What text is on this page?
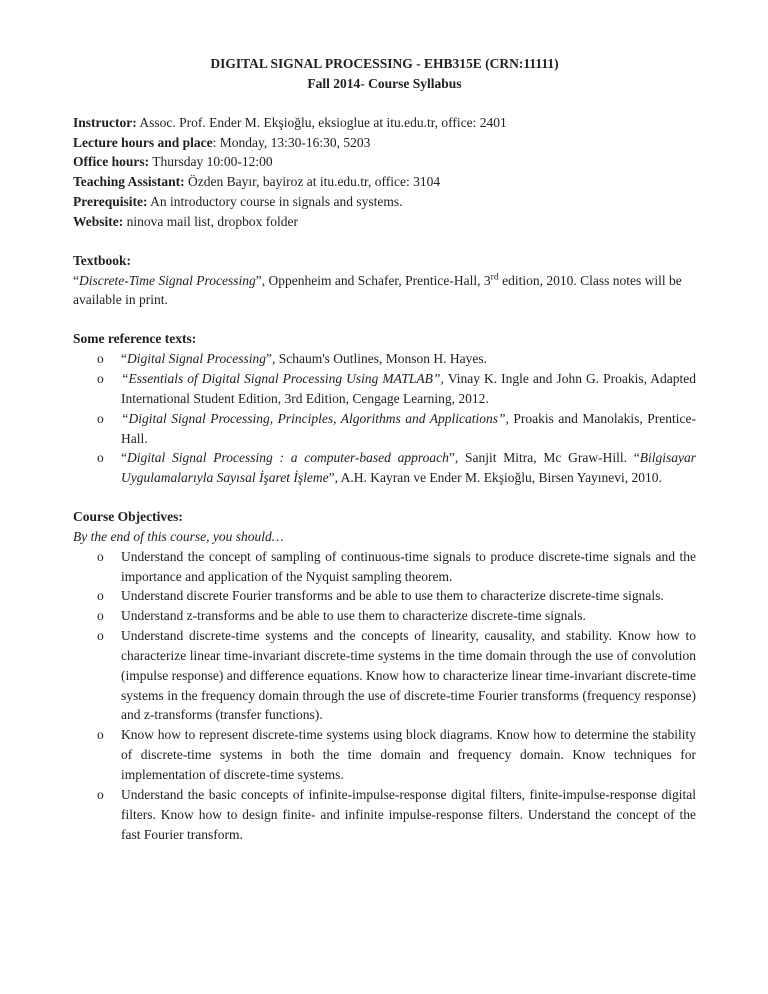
DIGITAL SIGNAL PROCESSING - EHB315E (CRN:11111)
Fall 2014- Course Syllabus
Instructor: Assoc. Prof. Ender M. Ekşioğlu, eksioglue at itu.edu.tr, office: 2401
Lecture hours and place: Monday, 13:30-16:30, 5203
Office hours: Thursday 10:00-12:00
Teaching Assistant: Özden Bayır, bayiroz at itu.edu.tr, office: 3104
Prerequisite: An introductory course in signals and systems.
Website: ninova mail list, dropbox folder
Textbook:
“Discrete-Time Signal Processing”, Oppenheim and Schafer, Prentice-Hall, 3rd edition, 2010. Class notes will be available in print.
Some reference texts:
o	“Digital Signal Processing”, Schaum's Outlines, Monson H. Hayes.
o	“Essentials of Digital Signal Processing Using MATLAB”, Vinay K. Ingle and John G. Proakis, Adapted International Student Edition, 3rd Edition, Cengage Learning, 2012.
o	“Digital Signal Processing, Principles, Algorithms and Applications”, Proakis and Manolakis, Prentice-Hall.
o	“Digital Signal Processing : a computer-based approach”, Sanjit Mitra, Mc Graw-Hill. “Bilgisayar Uygulamalarıyla Sayısal İşaret İşleme”, A.H. Kayran ve Ender M. Ekşioğlu, Birsen Yayınevi, 2010.
Course Objectives:
By the end of this course, you should…
o	Understand the concept of sampling of continuous-time signals to produce discrete-time signals and the importance and application of the Nyquist sampling theorem.
o	Understand discrete Fourier transforms and be able to use them to characterize discrete-time signals.
o	Understand z-transforms and be able to use them to characterize discrete-time signals.
o	Understand discrete-time systems and the concepts of linearity, causality, and stability. Know how to characterize linear time-invariant discrete-time systems in the time domain through the use of convolution (impulse response) and difference equations. Know how to characterize linear time-invariant discrete-time systems in the frequency domain through the use of discrete-time Fourier transforms (frequency response) and z-transforms (transfer functions).
o	Know how to represent discrete-time systems using block diagrams. Know how to determine the stability of discrete-time systems in both the time domain and frequency domain. Know techniques for implementation of discrete-time systems.
o	Understand the basic concepts of infinite-impulse-response digital filters, finite-impulse-response digital filters. Know how to design finite- and infinite impulse-response filters. Understand the concept of the fast Fourier transform.
